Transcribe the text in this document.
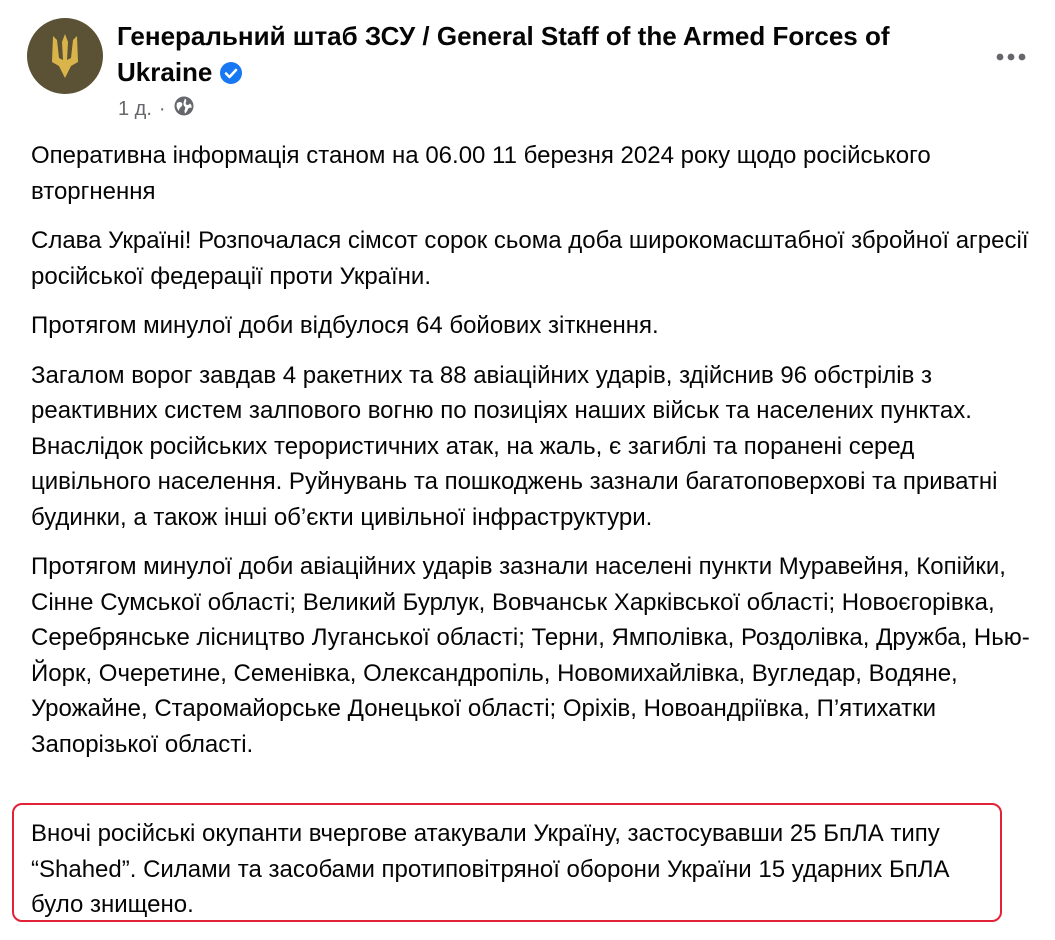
Генеральний штаб ЗСУ / General Staff of the Armed Forces of Ukraine
1 д. ·

Оперативна інформація станом на 06.00 11 березня 2024 року щодо російського вторгнення

Слава Україні! Розпочалася сімсот сорок сьома доба широкомасштабної збройної агресії російської федерації проти України.

Протягом минулої доби відбулося 64 бойових зіткнення.

Загалом ворог завдав 4 ракетних та 88 авіаційних ударів, здійснив 96 обстрілів з реактивних систем залпового вогню по позиціях наших військ та населених пунктах. Внаслідок російських терористичних атак, на жаль, є загиблі та поранені серед цивільного населення. Руйнувань та пошкоджень зазнали багатоповерхові та приватні будинки, а також інші об’єкти цивільної інфраструктури.

Протягом минулої доби авіаційних ударів зазнали населені пункти Муравейня, Копійки, Сінне Сумської області; Великий Бурлук, Вовчанськ Харківської області; Новоєгорівка, Серебрянське лісництво Луганської області; Терни, Ямполівка, Роздолівка, Дружба, Нью-Йорк, Очеретине, Семенівка, Олександропіль, Новомихайлівка, Вугледар, Водяне, Урожайне, Старомайорське Донецької області; Оріхів, Новоандріївка, П’ятихатки Запорізької області.

Вночі російські окупанти вчергове атакували Україну, застосувавши 25 БпЛА типу “Shahed”. Силами та засобами протиповітряної оборони України 15 ударних БпЛА було знищено.
